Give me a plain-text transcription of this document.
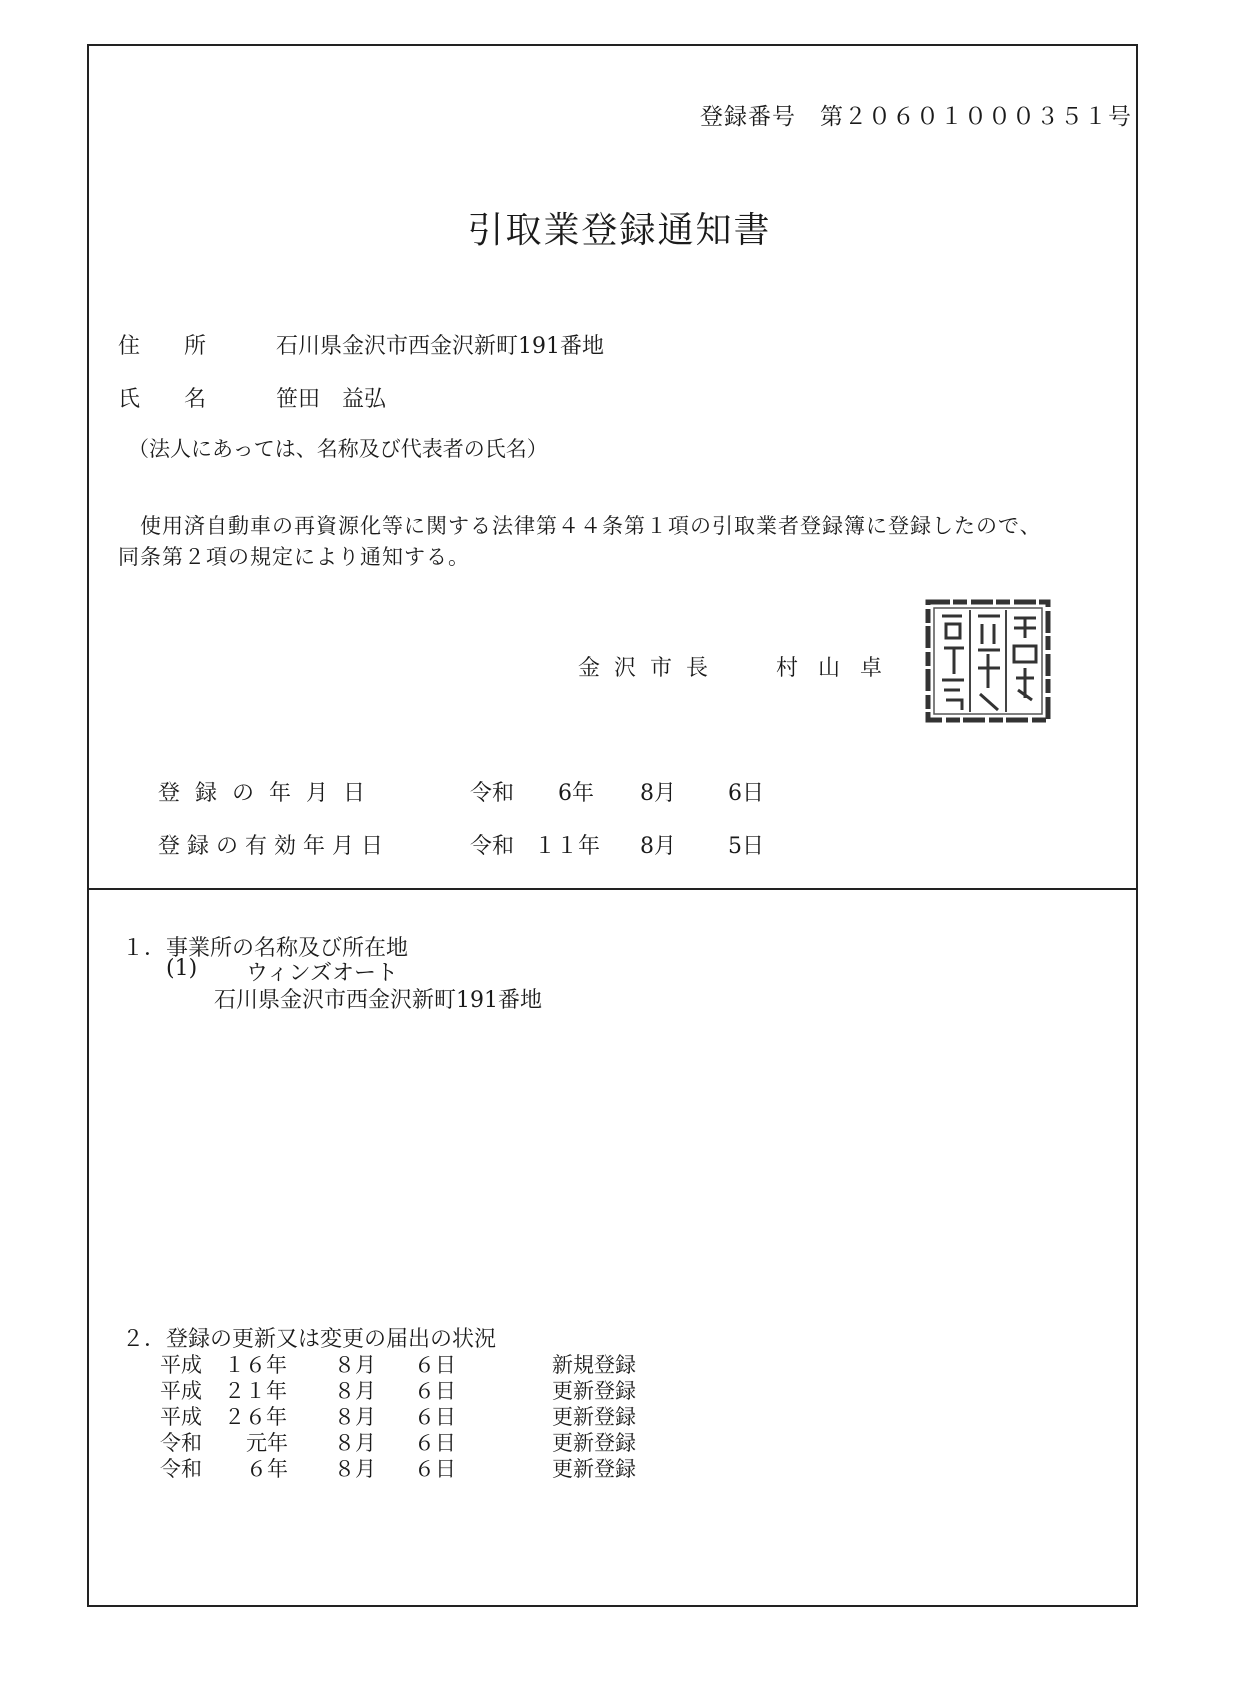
登録番号　第２０６０１０００３５１号
引取業登録通知書
住　　所	石川県金沢市西金沢新町191番地
氏　　名	笹田　益弘
（法人にあっては、名称及び代表者の氏名）
使用済自動車の再資源化等に関する法律第４４条第１項の引取業者登録簿に登録したので、
同条第２項の規定により通知する。
金沢市長 村山卓
登録の年月日	令和 6年 8月 6日
登録の有効年月日	令和 １１年 8月 5日
１．事業所の名称及び所在地
(1) ウィンズオート
石川県金沢市西金沢新町191番地
２．登録の更新又は変更の届出の状況
平成 １６年 ８月 ６日	新規登録
平成 ２１年 ８月 ６日	更新登録
平成 ２６年 ８月 ６日	更新登録
令和 元年 ８月 ６日	更新登録
令和 ６年 ８月 ６日	更新登録
